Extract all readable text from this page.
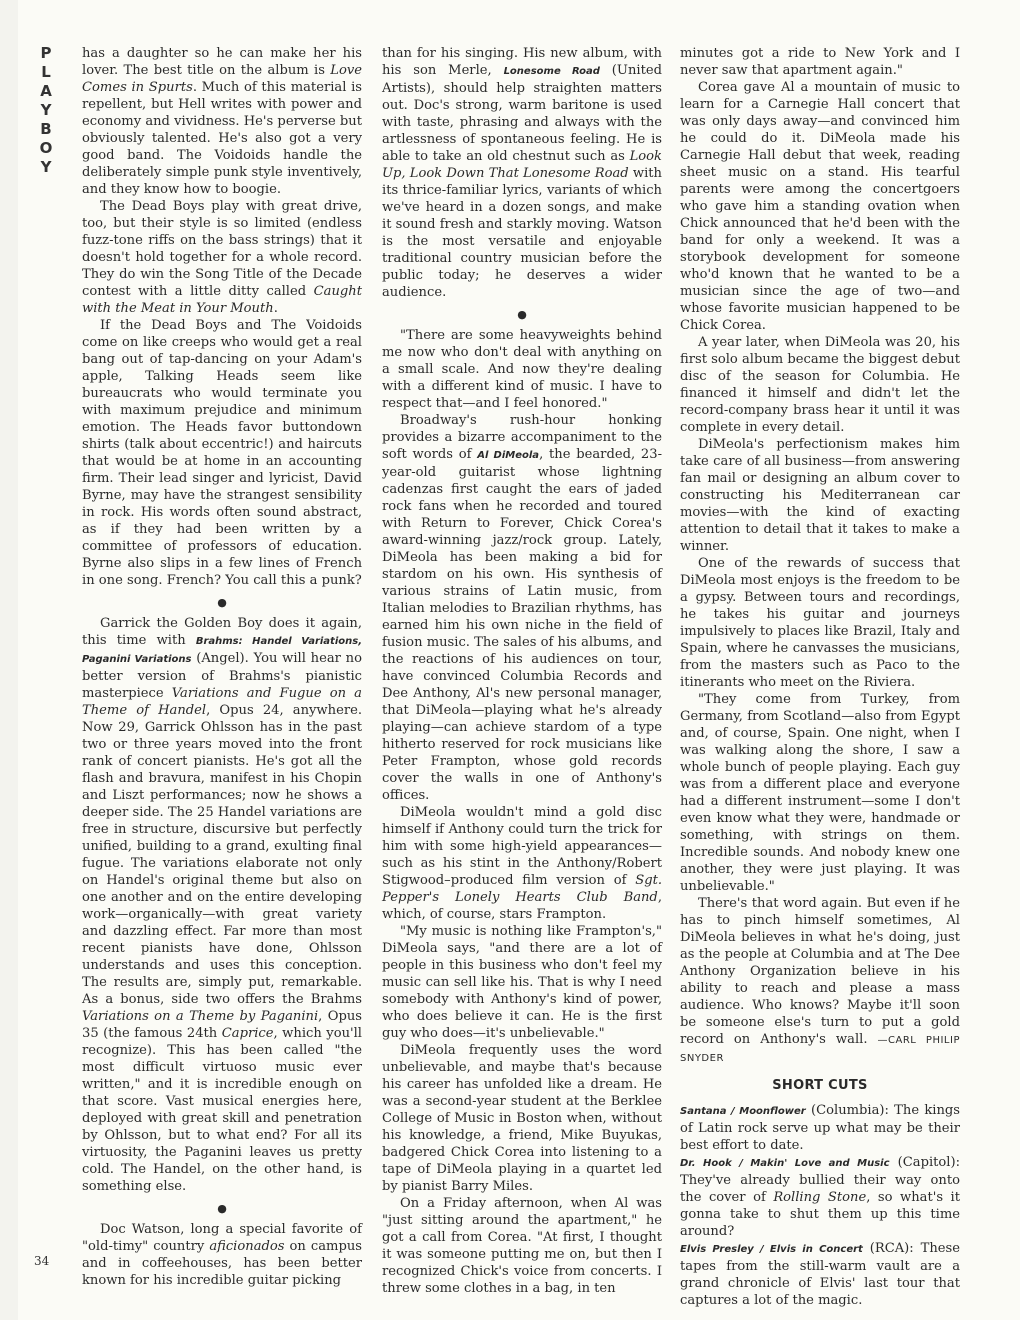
P
L
A
Y
B
O
Y
34

has a daughter so he can make her his lover. The best title on the album is Love Comes in Spurts. Much of this material is repellent, but Hell writes with power and economy and vividness. He's perverse but obviously talented. He's also got a very good band. The Voidoids handle the deliberately simple punk style inventively, and they know how to boogie.

The Dead Boys play with great drive, too, but their style is so limited (endless fuzz-tone riffs on the bass strings) that it doesn't hold together for a whole record. They do win the Song Title of the Decade contest with a little ditty called Caught with the Meat in Your Mouth.

If the Dead Boys and The Voidoids come on like creeps who would get a real bang out of tap-dancing on your Adam's apple, Talking Heads seem like bureaucrats who would terminate you with maximum prejudice and minimum emotion. The Heads favor buttondown shirts (talk about eccentric!) and haircuts that would be at home in an accounting firm. Their lead singer and lyricist, David Byrne, may have the strangest sensibility in rock. His words often sound abstract, as if they had been written by a committee of professors of education. Byrne also slips in a few lines of French in one song. French? You call this a punk?

●

Garrick the Golden Boy does it again, this time with Brahms: Handel Variations, Paganini Variations (Angel). You will hear no better version of Brahms's pianistic masterpiece Variations and Fugue on a Theme of Handel, Opus 24, anywhere. Now 29, Garrick Ohlsson has in the past two or three years moved into the front rank of concert pianists. He's got all the flash and bravura, manifest in his Chopin and Liszt performances; now he shows a deeper side. The 25 Handel variations are free in structure, discursive but perfectly unified, building to a grand, exulting final fugue. The variations elaborate not only on Handel's original theme but also on one another and on the entire developing work—organically—with great variety and dazzling effect. Far more than most recent pianists have done, Ohlsson understands and uses this conception. The results are, simply put, remarkable. As a bonus, side two offers the Brahms Variations on a Theme by Paganini, Opus 35 (the famous 24th Caprice, which you'll recognize). This has been called "the most difficult virtuoso music ever written," and it is incredible enough on that score. Vast musical energies here, deployed with great skill and penetration by Ohlsson, but to what end? For all its virtuosity, the Paganini leaves us pretty cold. The Handel, on the other hand, is something else.

●

Doc Watson, long a special favorite of "old-timy" country aficionados on campus and in coffeehouses, has been better known for his incredible guitar picking

than for his singing. His new album, with his son Merle, Lonesome Road (United Artists), should help straighten matters out. Doc's strong, warm baritone is used with taste, phrasing and always with the artlessness of spontaneous feeling. He is able to take an old chestnut such as Look Up, Look Down That Lonesome Road with its thrice-familiar lyrics, variants of which we've heard in a dozen songs, and make it sound fresh and starkly moving. Watson is the most versatile and enjoyable traditional country musician before the public today; he deserves a wider audience.

●

"There are some heavyweights behind me now who don't deal with anything on a small scale. And now they're dealing with a different kind of music. I have to respect that—and I feel honored."

Broadway's rush-hour honking provides a bizarre accompaniment to the soft words of Al DiMeola, the bearded, 23-year-old guitarist whose lightning cadenzas first caught the ears of jaded rock fans when he recorded and toured with Return to Forever, Chick Corea's award-winning jazz/rock group. Lately, DiMeola has been making a bid for stardom on his own. His synthesis of various strains of Latin music, from Italian melodies to Brazilian rhythms, has earned him his own niche in the field of fusion music. The sales of his albums, and the reactions of his audiences on tour, have convinced Columbia Records and Dee Anthony, Al's new personal manager, that DiMeola—playing what he's already playing—can achieve stardom of a type hitherto reserved for rock musicians like Peter Frampton, whose gold records cover the walls in one of Anthony's offices.

DiMeola wouldn't mind a gold disc himself if Anthony could turn the trick for him with some high-yield appearances—such as his stint in the Anthony/Robert Stigwood–produced film version of Sgt. Pepper's Lonely Hearts Club Band, which, of course, stars Frampton.

"My music is nothing like Frampton's," DiMeola says, "and there are a lot of people in this business who don't feel my music can sell like his. That is why I need somebody with Anthony's kind of power, who does believe it can. He is the first guy who does—it's unbelievable."

DiMeola frequently uses the word unbelievable, and maybe that's because his career has unfolded like a dream. He was a second-year student at the Berklee College of Music in Boston when, without his knowledge, a friend, Mike Buyukas, badgered Chick Corea into listening to a tape of DiMeola playing in a quartet led by pianist Barry Miles.

On a Friday afternoon, when Al was "just sitting around the apartment," he got a call from Corea. "At first, I thought it was someone putting me on, but then I recognized Chick's voice from concerts. I threw some clothes in a bag, in ten

minutes got a ride to New York and I never saw that apartment again."

Corea gave Al a mountain of music to learn for a Carnegie Hall concert that was only days away—and convinced him he could do it. DiMeola made his Carnegie Hall debut that week, reading sheet music on a stand. His tearful parents were among the concertgoers who gave him a standing ovation when Chick announced that he'd been with the band for only a weekend. It was a storybook development for someone who'd known that he wanted to be a musician since the age of two—and whose favorite musician happened to be Chick Corea.

A year later, when DiMeola was 20, his first solo album became the biggest debut disc of the season for Columbia. He financed it himself and didn't let the record-company brass hear it until it was complete in every detail.

DiMeola's perfectionism makes him take care of all business—from answering fan mail or designing an album cover to constructing his Mediterranean car movies—with the kind of exacting attention to detail that it takes to make a winner.

One of the rewards of success that DiMeola most enjoys is the freedom to be a gypsy. Between tours and recordings, he takes his guitar and journeys impulsively to places like Brazil, Italy and Spain, where he canvasses the musicians, from the masters such as Paco to the itinerants who meet on the Riviera.

"They come from Turkey, from Germany, from Scotland—also from Egypt and, of course, Spain. One night, when I was walking along the shore, I saw a whole bunch of people playing. Each guy was from a different place and everyone had a different instrument—some I don't even know what they were, handmade or something, with strings on them. Incredible sounds. And nobody knew one another, they were just playing. It was unbelievable."

There's that word again. But even if he has to pinch himself sometimes, Al DiMeola believes in what he's doing, just as the people at Columbia and at The Dee Anthony Organization believe in his ability to reach and please a mass audience. Who knows? Maybe it'll soon be someone else's turn to put a gold record on Anthony's wall. —CARL PHILIP SNYDER

SHORT CUTS

Santana / Moonflower (Columbia): The kings of Latin rock serve up what may be their best effort to date.

Dr. Hook / Makin' Love and Music (Capitol): They've already bullied their way onto the cover of Rolling Stone, so what's it gonna take to shut them up this time around?

Elvis Presley / Elvis in Concert (RCA): These tapes from the still-warm vault are a grand chronicle of Elvis' last tour that captures a lot of the magic.
